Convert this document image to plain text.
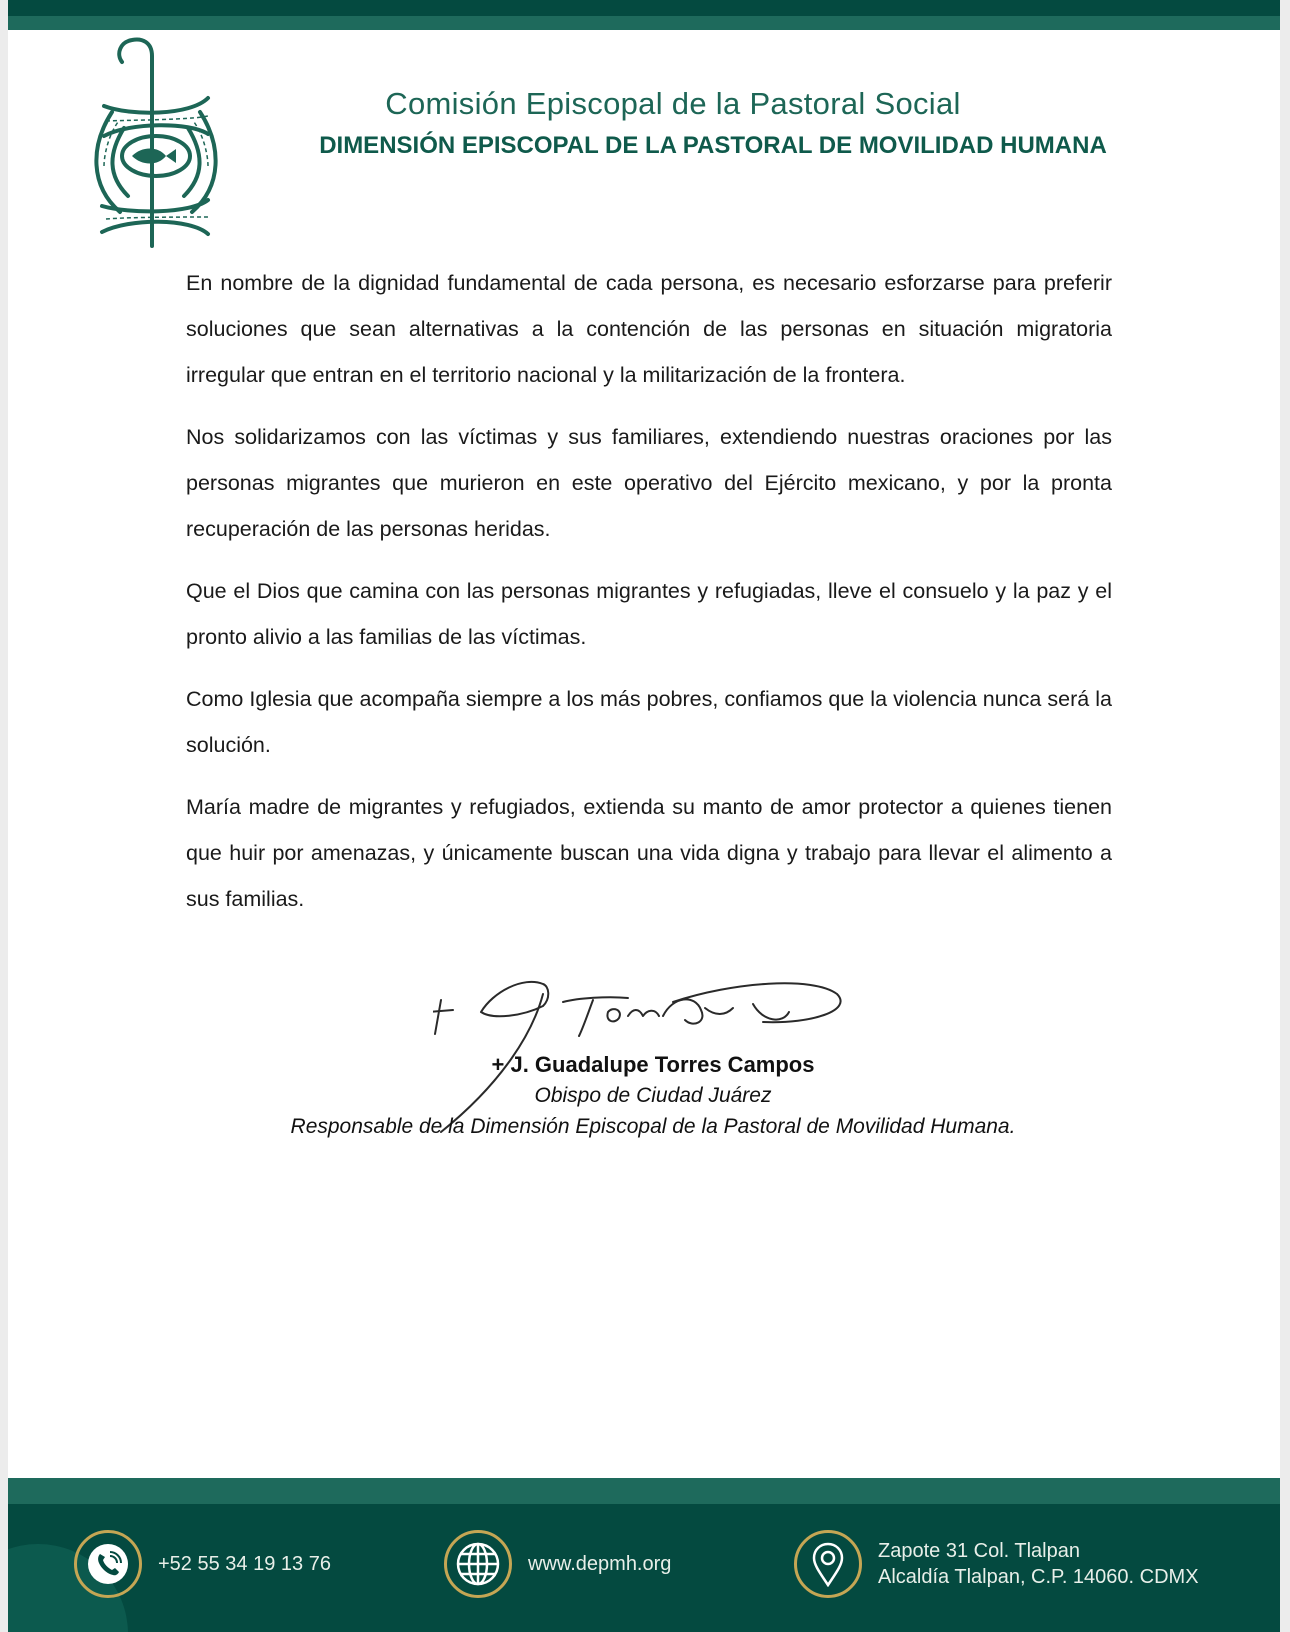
Comisión Episcopal de la Pastoral Social
DIMENSIÓN EPISCOPAL DE LA PASTORAL DE MOVILIDAD HUMANA

En nombre de la dignidad fundamental de cada persona, es necesario esforzarse para preferir soluciones que sean alternativas a la contención de las personas en situación migratoria irregular que entran en el territorio nacional y la militarización de la frontera.

Nos solidarizamos con las víctimas y sus familiares, extendiendo nuestras oraciones por las personas migrantes que murieron en este operativo del Ejército mexicano, y por la pronta recuperación de las personas heridas.

Que el Dios que camina con las personas migrantes y refugiadas, lleve el consuelo y la paz y el pronto alivio a las familias de las víctimas.

Como Iglesia que acompaña siempre a los más pobres, confiamos que la violencia nunca será la solución.

María madre de migrantes y refugiados, extienda su manto de amor protector a quienes tienen que huir por amenazas, y únicamente buscan una vida digna y trabajo para llevar el alimento a sus familias.

+ J. Guadalupe Torres Campos
Obispo de Ciudad Juárez
Responsable de la Dimensión Episcopal de la Pastoral de Movilidad Humana.
+52 55 34 19 13 76	www.depmh.org
Zapote 31 Col. Tlalpan
Alcaldía Tlalpan, C.P. 14060. CDMX
